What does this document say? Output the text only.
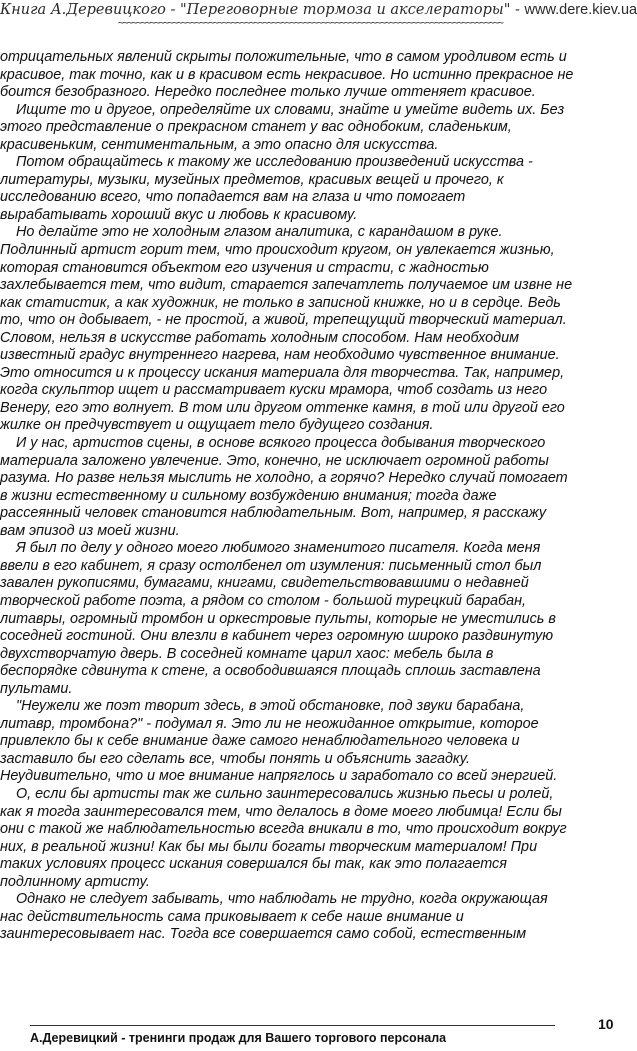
Книга А.Деревицкого - "Переговорные тормоза и акселераторы" - www.dere.kiev.ua
~~~~~~~~~~~~~~~~~~~~~~~~~~~~~~~~~~~~~~~~~~~~~~~~~~~~~~~~~~~~~~~~~~~~~~~~~~~~~~~~~~~~~
отрицательных явлений скрыты положительные, что в самом уродливом есть и
красивое, так точно, как и в красивом есть некрасивое. Но истинно прекрасное не
боится безобразного. Нередко последнее только лучше оттеняет красивое.
Ищите то и другое, определяйте их словами, знайте и умейте видеть их. Без
этого представление о прекрасном станет у вас однобоким, сладеньким,
красивеньким, сентиментальным, а это опасно для искусства.
Потом обращайтесь к такому же исследованию произведений искусства -
литературы, музыки, музейных предметов, красивых вещей и прочего, к
исследованию всего, что попадается вам на глаза и что помогает
вырабатывать хороший вкус и любовь к красивому.
Но делайте это не холодным глазом аналитика, с карандашом в руке.
Подлинный артист горит тем, что происходит кругом, он увлекается жизнью,
которая становится объектом его изучения и страсти, с жадностью
захлебывается тем, что видит, старается запечатлеть получаемое им извне не
как статистик, а как художник, не только в записной книжке, но и в сердце. Ведь
то, что он добывает, - не простой, а живой, трепещущий творческий материал.
Словом, нельзя в искусстве работать холодным способом. Нам необходим
известный градус внутреннего нагрева, нам необходимо чувственное внимание.
Это относится и к процессу искания материала для творчества. Так, например,
когда скульптор ищет и рассматривает куски мрамора, чтоб создать из него
Венеру, его это волнует. В том или другом оттенке камня, в той или другой его
жилке он предчувствует и ощущает тело будущего создания.
И у нас, артистов сцены, в основе всякого процесса добывания творческого
материала заложено увлечение. Это, конечно, не исключает огромной работы
разума. Но разве нельзя мыслить не холодно, а горячо? Нередко случай помогает
в жизни естественному и сильному возбуждению внимания; тогда даже
рассеянный человек становится наблюдательным. Вот, например, я расскажу
вам эпизод из моей жизни.
Я был по делу у одного моего любимого знаменитого писателя. Когда меня
ввели в его кабинет, я сразу остолбенел от изумления: письменный стол был
завален рукописями, бумагами, книгами, свидетельствовавшими о недавней
творческой работе поэта, а рядом со столом - большой турецкий барабан,
литавры, огромный тромбон и оркестровые пульты, которые не уместились в
соседней гостиной. Они влезли в кабинет через огромную широко раздвинутую
двухстворчатую дверь. В соседней комнате царил хаос: мебель была в
беспорядке сдвинута к стене, а освободившаяся площадь сплошь заставлена
пультами.
"Неужели же поэт творит здесь, в этой обстановке, под звуки барабана,
литавр, тромбона?" - подумал я. Это ли не неожиданное открытие, которое
привлекло бы к себе внимание даже самого ненаблюдательного человека и
заставило бы его сделать все, чтобы понять и объяснить загадку.
Неудивительно, что и мое внимание напряглось и заработало со всей энергией.
О, если бы артисты так же сильно заинтересовались жизнью пьесы и ролей,
как я тогда заинтересовался тем, что делалось в доме моего любимца! Если бы
они с такой же наблюдательностью всегда вникали в то, что происходит вокруг
них, в реальной жизни! Как бы мы были богаты творческим материалом! При
таких условиях процесс искания совершался бы так, как это полагается
подлинному артисту.
Однако не следует забывать, что наблюдать не трудно, когда окружающая
нас действительность сама приковывает к себе наше внимание и
заинтересовывает нас. Тогда все совершается само собой, естественным
10
А.Деревицкий - тренинги продаж для Вашего торгового персонала
